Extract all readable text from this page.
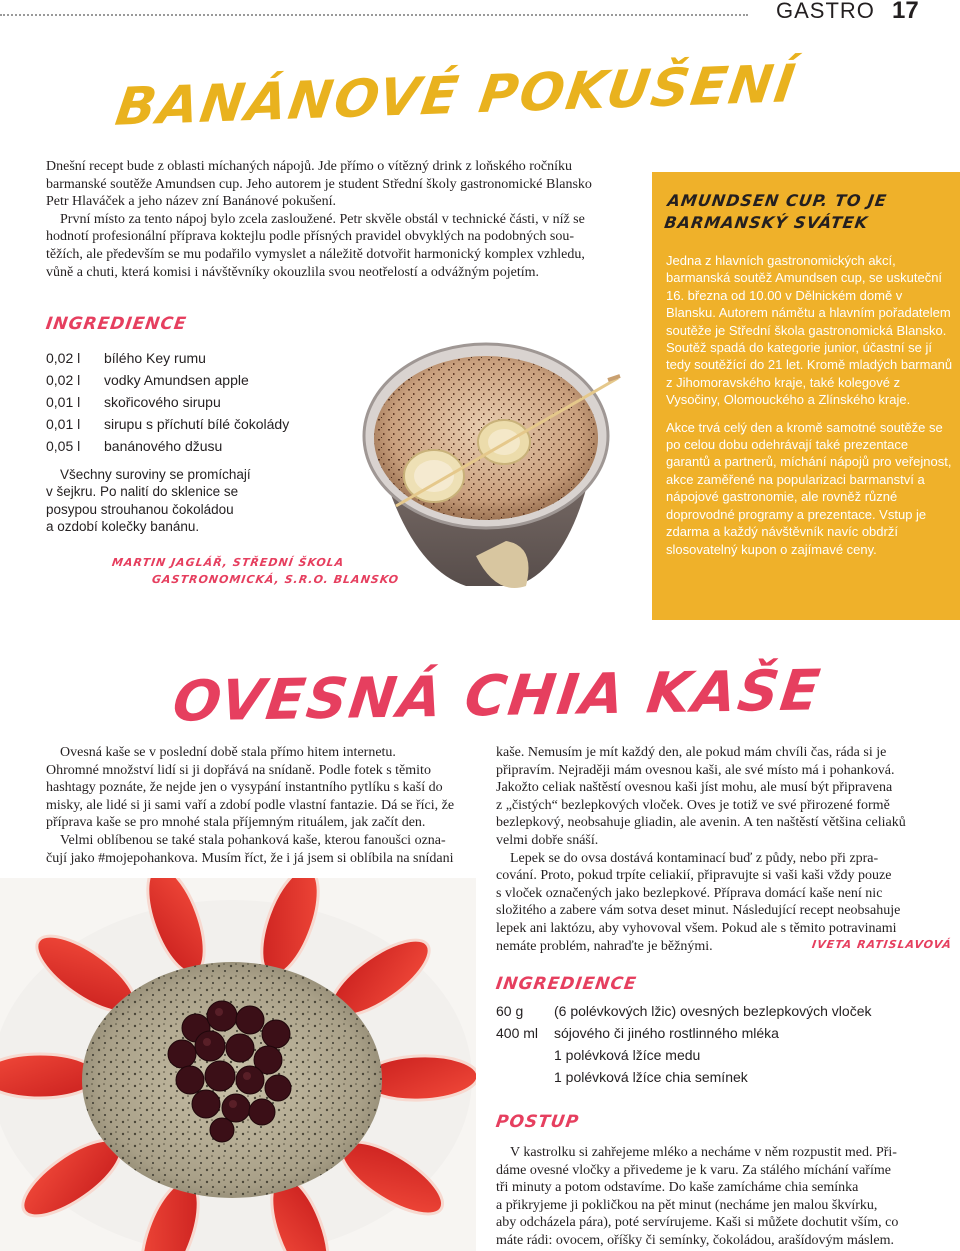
GASTRO 17
BANÁNOVÉ POKUŠENÍ
Dnešní recept bude z oblasti míchaných nápojů. Jde přímo o vítězný drink z loňského ročníku
barmanské soutěže Amundsen cup. Jeho autorem je student Střední školy gastronomické Blansko
Petr Hlaváček a jeho název zní Banánové pokušení.
První místo za tento nápoj bylo zcela zasloužené. Petr skvěle obstál v technické části, v níž se
hodnotí profesionální příprava koktejlu podle přísných pravidel obvyklých na podobných sou-
těžích, ale především se mu podařilo vymyslet a náležitě dotvořit harmonický komplex vzhledu,
vůně a chuti, která komisi i návštěvníky okouzlila svou neotřelostí a odvážným pojetím.
INGREDIENCE
0,02 l	bílého Key rumu
0,02 l	vodky Amundsen apple
0,01 l	skořicového sirupu
0,01 l	sirupu s příchutí bílé čokolády
0,05 l	banánového džusu
Všechny suroviny se promíchají
v šejkru. Po nalití do sklenice se
posypou strouhanou čokoládou
a ozdobí kolečky banánu.
MARTIN JAGLÁŘ, STŘEDNÍ ŠKOLA
GASTRONOMICKÁ, S.R.O. BLANSKO
AMUNDSEN CUP. TO JE
BARMANSKÝ SVÁTEK

Jedna z hlavních gastronomických akcí, barmanská soutěž Amundsen cup, se uskuteční 16. března od 10.00 v Dělnickém domě v Blansku. Autorem námětu a hlavním pořadatelem soutěže je Střední škola gastronomická Blansko. Soutěž spadá do kategorie junior, účastní se jí tedy soutěžící do 21 let. Kromě mladých barmanů z Jihomoravského kraje, také kolegové z Vysočiny, Olomouckého a Zlínského kraje.

Akce trvá celý den a kromě samotné soutěže se po celou dobu odehrávají také prezentace garantů a partnerů, míchání nápojů pro veřejnost, akce zaměřené na popularizaci barmanství a nápojové gastronomie, ale rovněž různé doprovodné programy a prezentace. Vstup je zdarma a každý návštěvník navíc obdrží slosovatelný kupon o zajímavé ceny.

OVESNÁ CHIA KAŠE
Ovesná kaše se v poslední době stala přímo hitem internetu.
Ohromné množství lidí si ji dopřává na snídaně. Podle fotek s těmito
hashtagy poznáte, že nejde jen o vysypání instantního pytlíku s kaší do
misky, ale lidé si ji sami vaří a zdobí podle vlastní fantazie. Dá se říci, že
příprava kaše se pro mnohé stala příjemným rituálem, jak začít den.
Velmi oblíbenou se také stala pohanková kaše, kterou fanoušci ozna-
čují jako #mojepohankova. Musím říct, že i já jsem si oblíbila na snídani
kaše. Nemusím je mít každý den, ale pokud mám chvíli čas, ráda si je
připravím. Nejraději mám ovesnou kaši, ale své místo má i pohanková.
Jakožto celiak naštěstí ovesnou kaši jíst mohu, ale musí být připravena
z „čistých“ bezlepkových vloček. Oves je totiž ve své přirozené formě
bezlepkový, neobsahuje gliadin, ale avenin. A ten naštěstí většina celiaků
velmi dobře snáší.
Lepek se do ovsa dostává kontaminací buď z půdy, nebo při zpra-
cování. Proto, pokud trpíte celiakií, připravujte si vaši kaši vždy pouze
s vloček označených jako bezlepkové. Příprava domácí kaše není nic
složitého a zabere vám sotva deset minut. Následující recept neobsahuje
lepek ani laktózu, aby vyhovoval všem. Pokud ale s těmito potravinami
nemáte problém, nahraďte je běžnými.	IVETA RATISLAVOVÁ
INGREDIENCE
60 g	(6 polévkových lžic) ovesných bezlepkových vloček
400 ml	sójového či jiného rostlinného mléka
1 polévková lžíce medu
1 polévková lžíce chia semínek
POSTUP
V kastrolku si zahřejeme mléko a necháme v něm rozpustit med. Při-
dáme ovesné vločky a přivedeme je k varu. Za stálého míchání vaříme
tři minuty a potom odstavíme. Do kaše zamícháme chia semínka
a přikryjeme ji pokličkou na pět minut (necháme jen malou škvírku,
aby odcházela pára), poté servírujeme. Kaši si můžete dochutit vším, co
máte rádi: ovocem, oříšky či semínky, čokoládou, arašídovým máslem.
